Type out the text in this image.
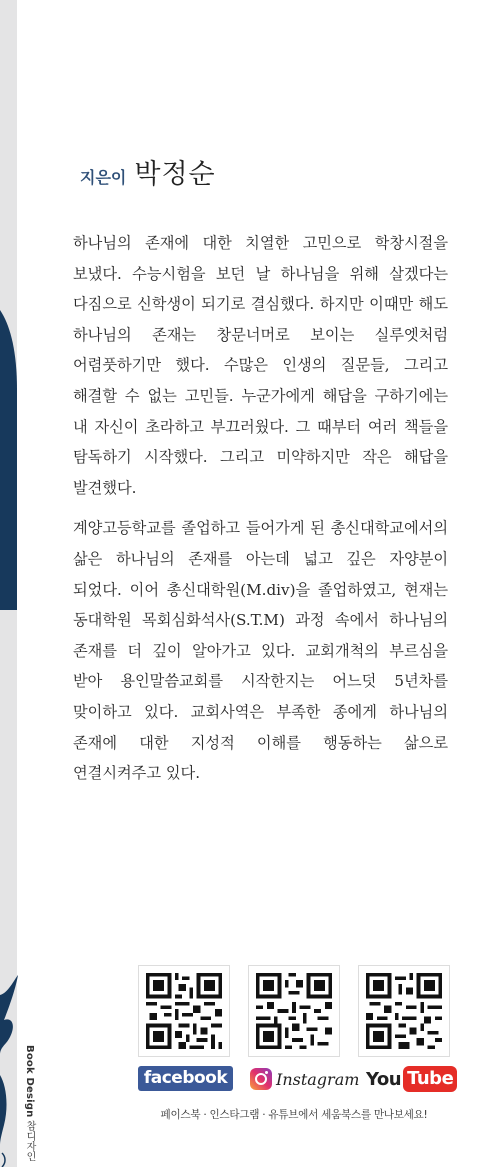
Book Design 참디자인
지은이 박정순

하나님의 존재에 대한 치열한 고민으로 학창시절을 보냈다. 수능시험을 보던 날 하나님을 위해 살겠다는 다짐으로 신학생이 되기로 결심했다. 하지만 이때만 해도 하나님의 존재는 창문너머로 보이는 실루엣처럼 어렴풋하기만 했다. 수많은 인생의 질문들, 그리고 해결할 수 없는 고민들. 누군가에게 해답을 구하기에는 내 자신이 초라하고 부끄러웠다. 그 때부터 여러 책들을 탐독하기 시작했다. 그리고 미약하지만 작은 해답을 발견했다.

계양고등학교를 졸업하고 들어가게 된 총신대학교에서의 삶은 하나님의 존재를 아는데 넓고 깊은 자양분이 되었다. 이어 총신대학원(M.div)을 졸업하였고, 현재는 동대학원 목회심화석사(S.T.M) 과정 속에서 하나님의 존재를 더 깊이 알아가고 있다. 교회개척의 부르심을 받아 용인말씀교회를 시작한지는 어느덧 5년차를 맞이하고 있다. 교회사역은 부족한 종에게 하나님의 존재에 대한 지성적 이해를 행동하는 삶으로 연결시켜주고 있다.

facebook	Instagram You Tube
페이스북 · 인스타그램 · 유튜브에서 세움북스를 만나보세요!
